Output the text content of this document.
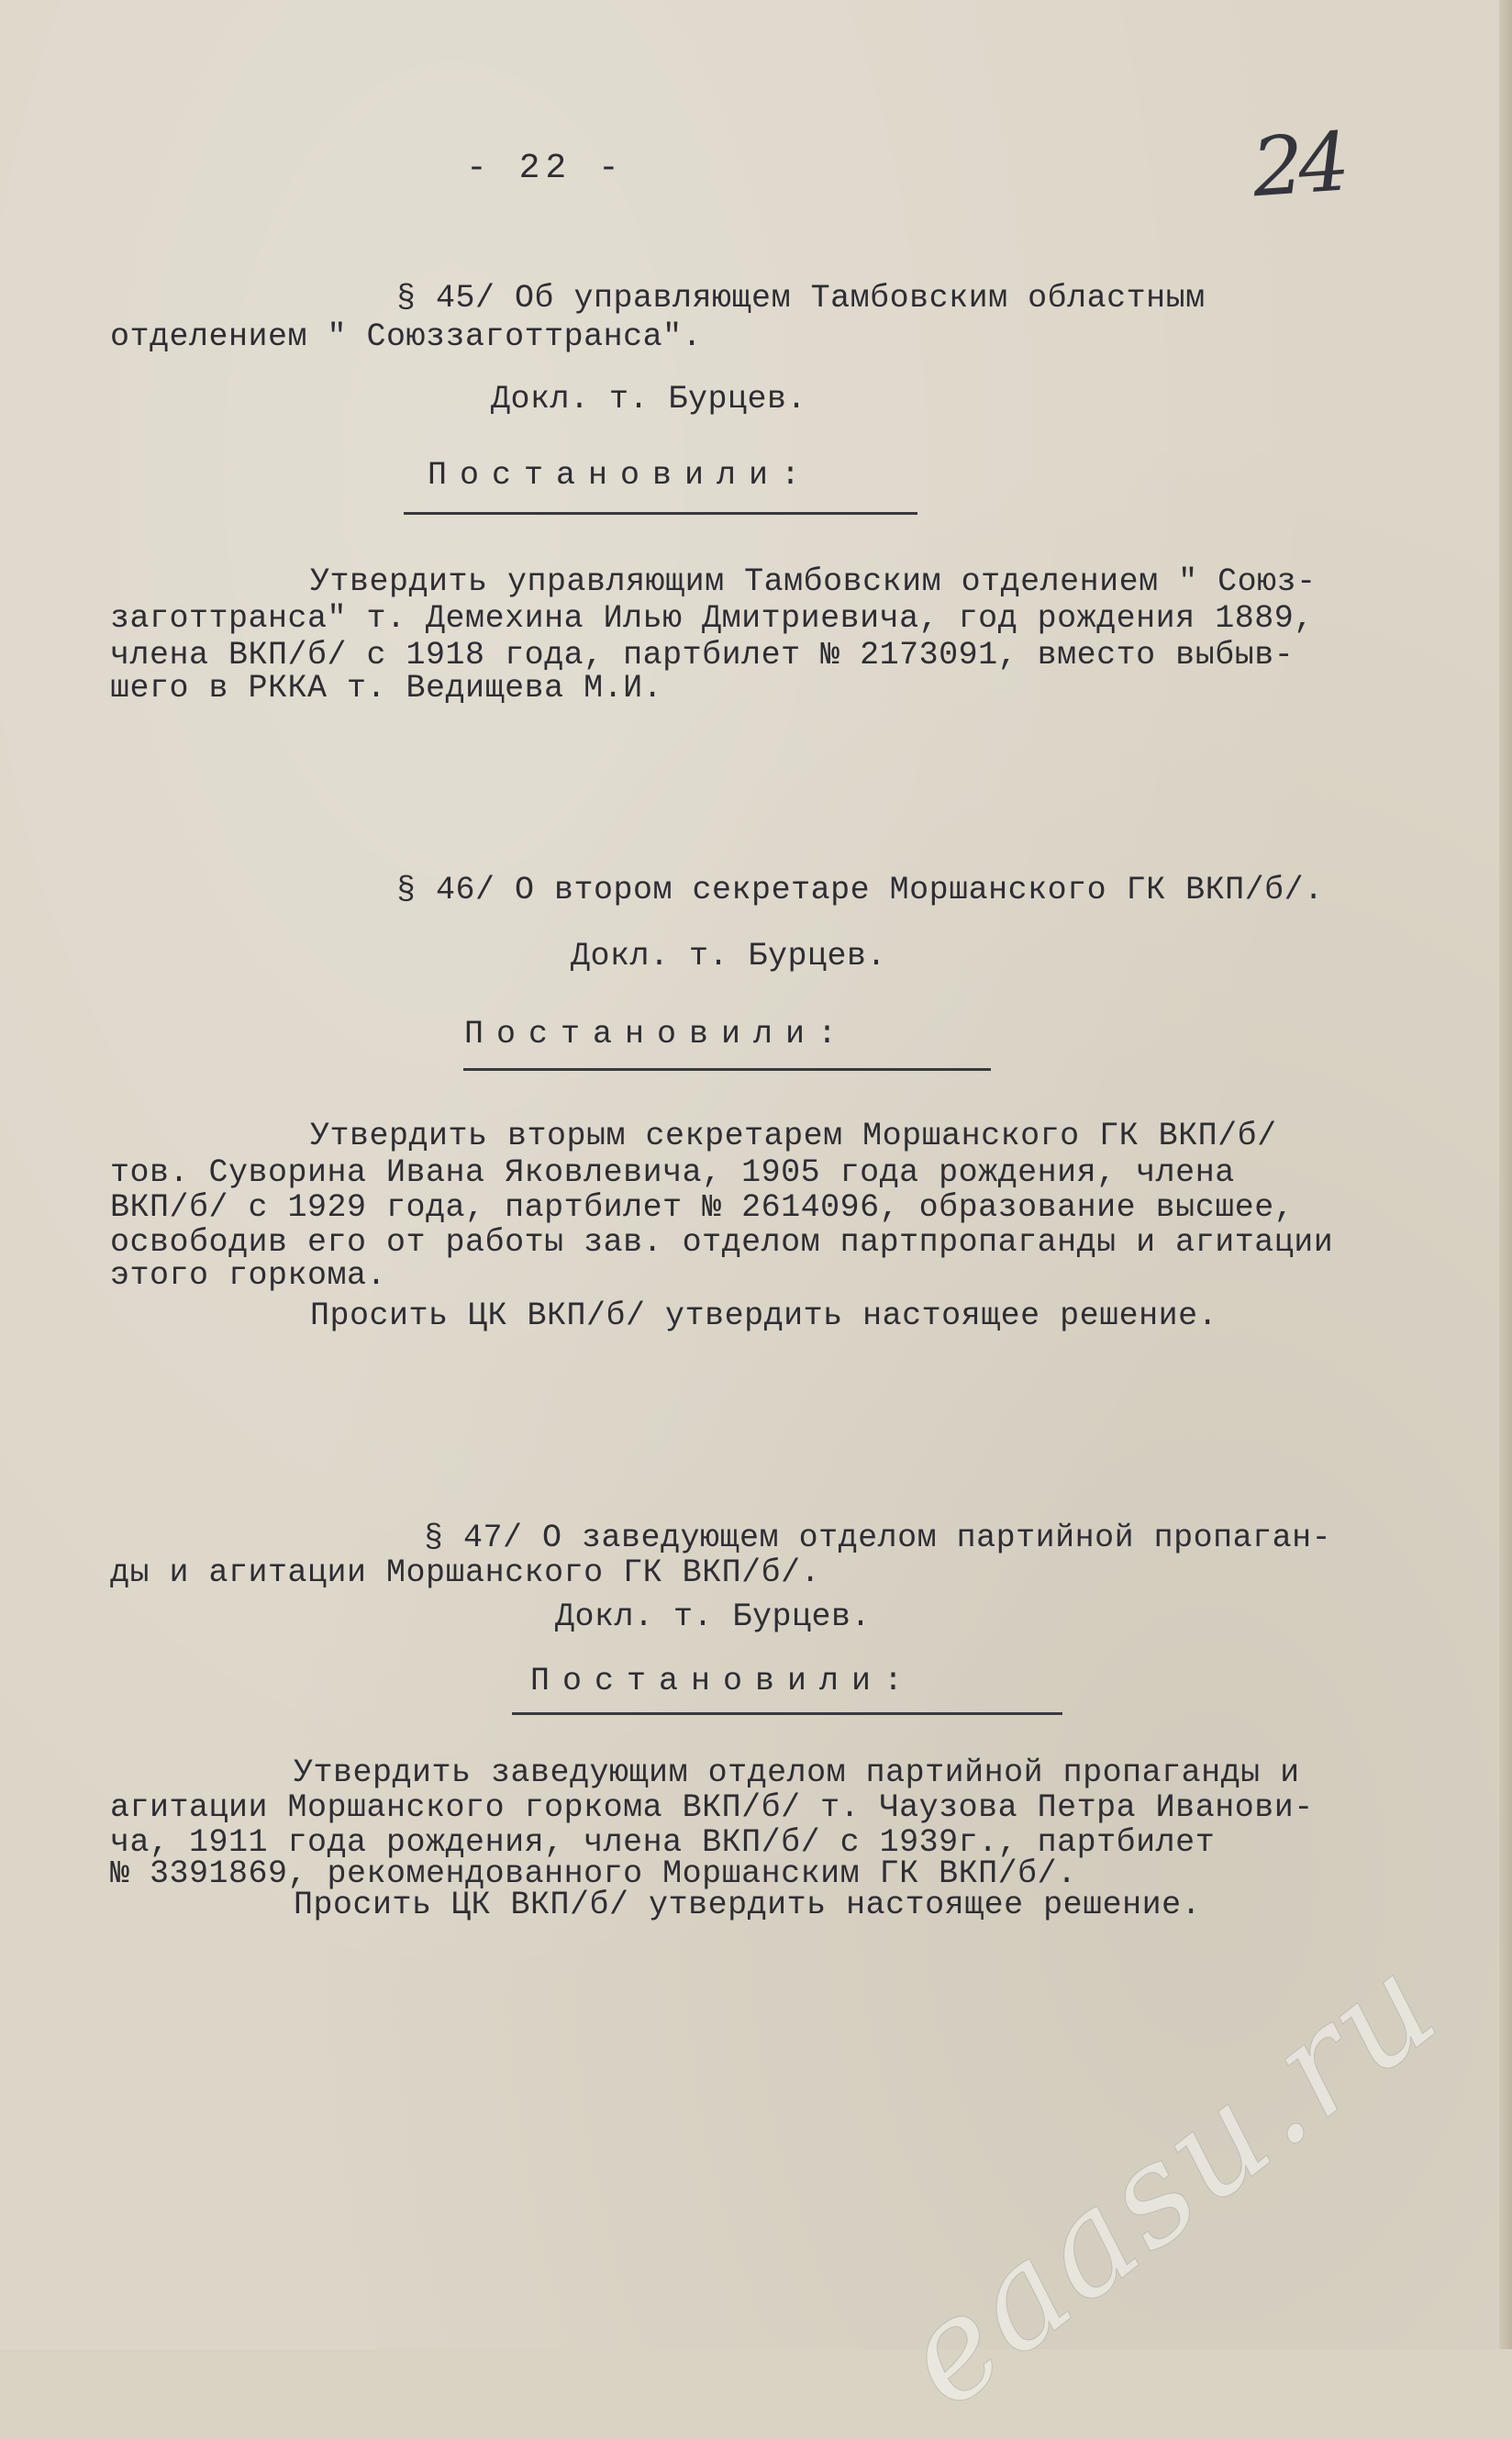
- 22 -	24
§ 45/ Об управляющем Тамбовским областным
отделением " Союззаготтранса".
Докл. т. Бурцев.
Постановили:
Утвердить управляющим Тамбовским отделением " Союз-
заготтранса" т. Демехина Илью Дмитриевича, год рождения 1889,
члена ВКП/б/ с 1918 года, партбилет № 2173091, вместо выбыв-
шего в РККА т. Ведищева М.И.
§ 46/ О втором секретаре Моршанского ГК ВКП/б/.
Докл. т. Бурцев.
Постановили:
Утвердить вторым секретарем Моршанского ГК ВКП/б/
тов. Суворина Ивана Яковлевича, 1905 года рождения, члена
ВКП/б/ с 1929 года, партбилет № 2614096, образование высшее,
освободив его от работы зав. отделом партпропаганды и агитации
этого горкома.
Просить ЦК ВКП/б/ утвердить настоящее решение.
§ 47/ О заведующем отделом партийной пропаган-
ды и агитации Моршанского ГК ВКП/б/.
Докл. т. Бурцев.
Постановили:
Утвердить заведующим отделом партийной пропаганды и
агитации Моршанского горкома ВКП/б/ т. Чаузова Петра Иванови-
ча, 1911 года рождения, члена ВКП/б/ с 1939г., партбилет
№ 3391869, рекомендованного Моршанским ГК ВКП/б/.
Просить ЦК ВКП/б/ утвердить настоящее решение.
eaasu.ru
